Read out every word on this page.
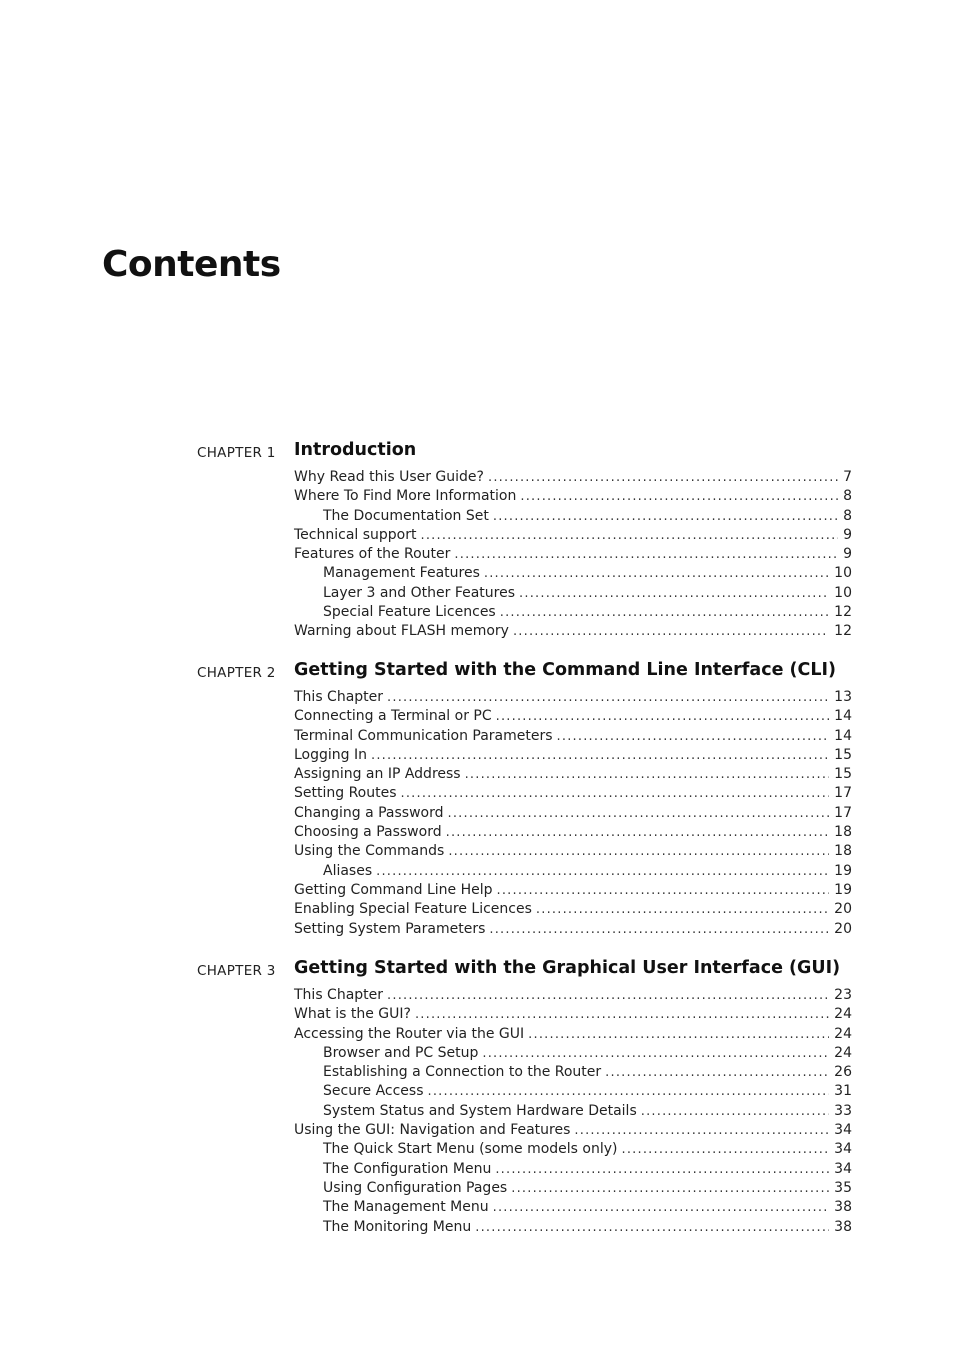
Contents
CHAPTER 1 Introduction
Why Read this User Guide? .....	7
Where To Find More Information .....	8
The Documentation Set .....	8
Technical support .....	9
Features of the Router .....	9
Management Features .....	10
Layer 3 and Other Features .....	10
Special Feature Licences .....	12
Warning about FLASH memory .....	12
CHAPTER 2 Getting Started with the Command Line Interface (CLI)
This Chapter .....	13
Connecting a Terminal or PC .....	14
Terminal Communication Parameters .....	14
Logging In .....	15
Assigning an IP Address .....	15
Setting Routes .....	17
Changing a Password .....	17
Choosing a Password .....	18
Using the Commands .....	18
Aliases .....	19
Getting Command Line Help .....	19
Enabling Special Feature Licences .....	20
Setting System Parameters .....	20
CHAPTER 3 Getting Started with the Graphical User Interface (GUI)
This Chapter .....	23
What is the GUI? .....	24
Accessing the Router via the GUI .....	24
Browser and PC Setup .....	24
Establishing a Connection to the Router .....	26
Secure Access .....	31
System Status and System Hardware Details .....	33
Using the GUI: Navigation and Features .....	34
The Quick Start Menu (some models only) .....	34
The Configuration Menu .....	34
Using Configuration Pages .....	35
The Management Menu .....	38
The Monitoring Menu .....	38
